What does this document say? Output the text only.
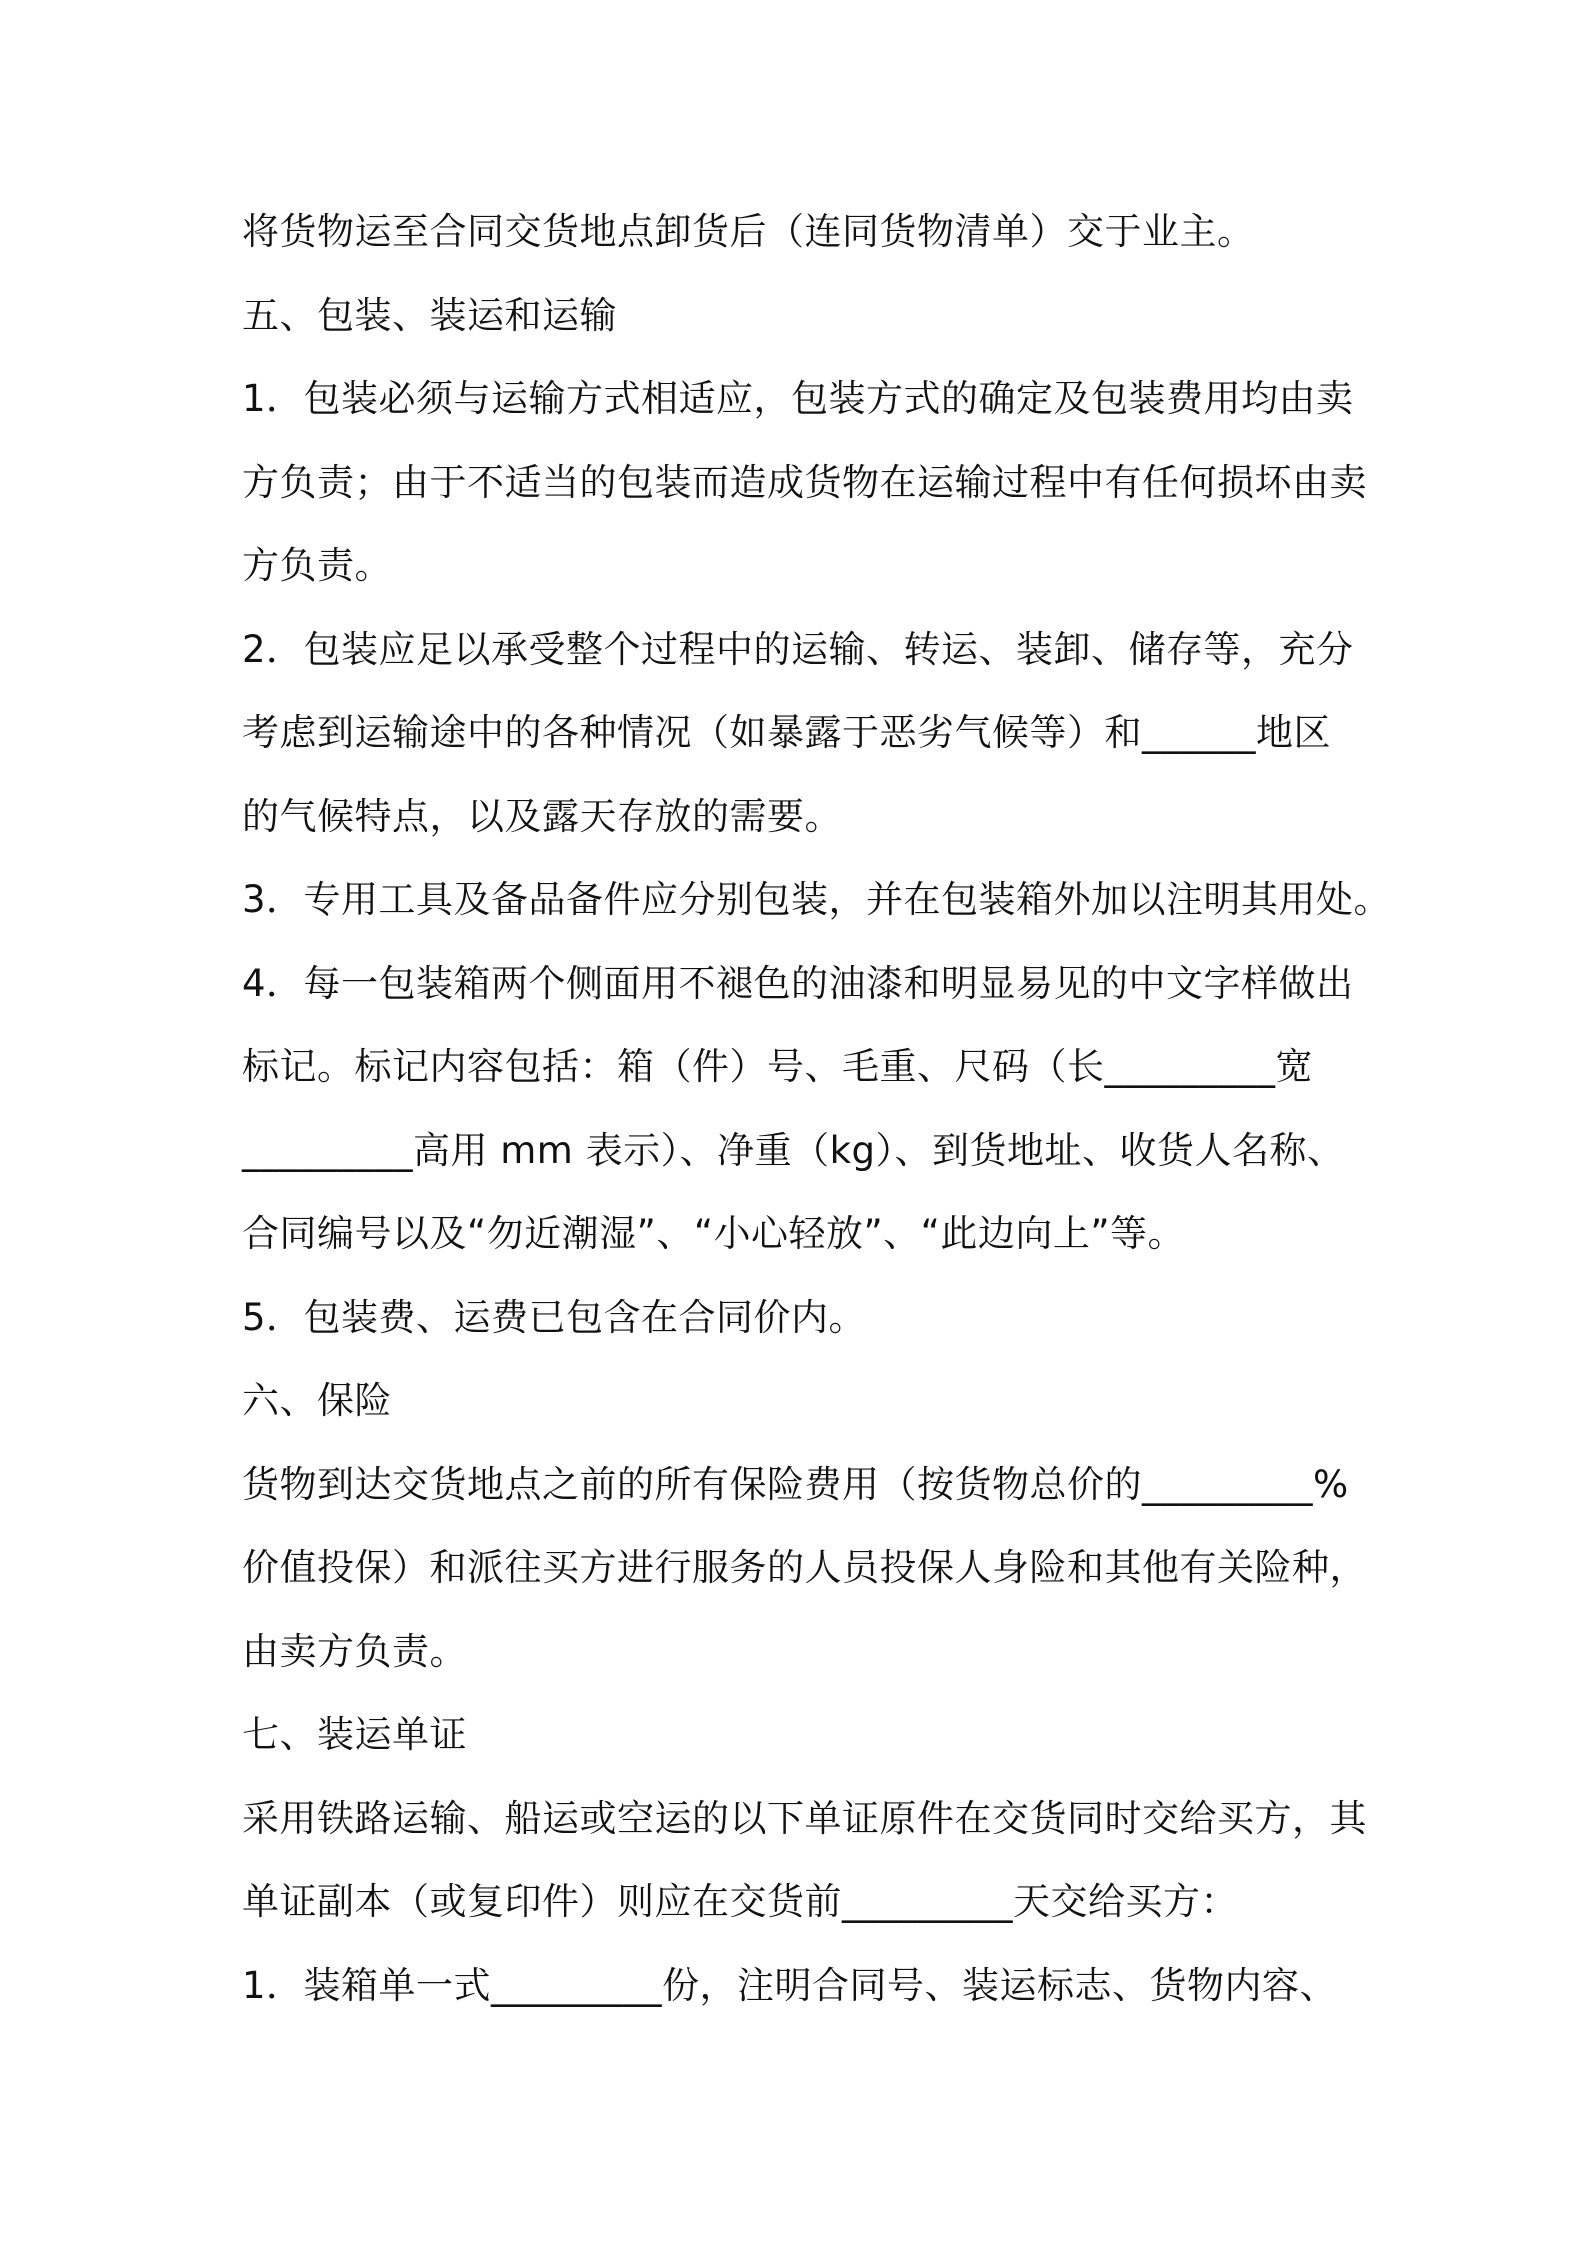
将货物运至合同交货地点卸货后（连同货物清单）交于业主。
五、包装、装运和运输
1．包装必须与运输方式相适应，包装方式的确定及包装费用均由卖
方负责；由于不适当的包装而造成货物在运输过程中有任何损坏由卖
方负责。
2．包装应足以承受整个过程中的运输、转运、装卸、储存等，充分
考虑到运输途中的各种情况（如暴露于恶劣气候等）和______地区
的气候特点，以及露天存放的需要。
3．专用工具及备品备件应分别包装，并在包装箱外加以注明其用处。
4．每一包装箱两个侧面用不褪色的油漆和明显易见的中文字样做出
标记。标记内容包括：箱（件）号、毛重、尺码（长_________宽
_________高用 mm 表示）、净重（kg）、到货地址、收货人名称、
合同编号以及“勿近潮湿”、“小心轻放”、“此边向上”等。
5．包装费、运费已包含在合同价内。
六、保险
货物到达交货地点之前的所有保险费用（按货物总价的_________%
价值投保）和派往买方进行服务的人员投保人身险和其他有关险种，
由卖方负责。
七、装运单证
采用铁路运输、船运或空运的以下单证原件在交货同时交给买方，其
单证副本（或复印件）则应在交货前_________天交给买方：
1．装箱单一式_________份，注明合同号、装运标志、货物内容、
